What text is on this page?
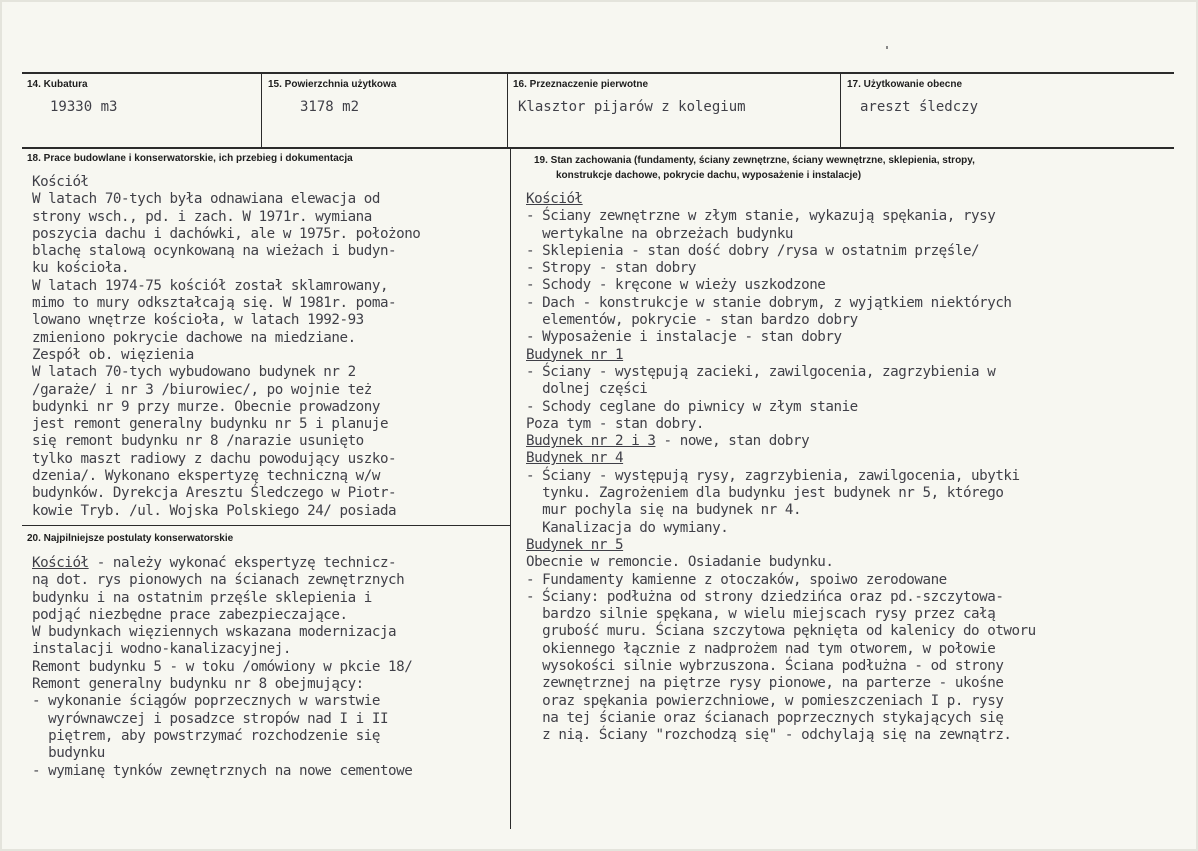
14. Kubatura
19330 m3
15. Powierzchnia użytkowa
3178 m2
16. Przeznaczenie pierwotne
Klasztor pijarów z kolegium
17. Użytkowanie obecne
areszt śledczy
18. Prace budowlane i konserwatorskie, ich przebieg i dokumentacja
Kościół
W latach 70-tych była odnawiana elewacja od
strony wsch., pd. i zach. W 1971r. wymiana
poszycia dachu i dachówki, ale w 1975r. położono
blachę stalową ocynkowaną na wieżach i budyn-
ku kościoła.
W latach 1974-75 kościół został sklamrowany,
mimo to mury odkształcają się. W 1981r. poma-
lowano wnętrze kościoła, w latach 1992-93
zmieniono pokrycie dachowe na miedziane.
Zespół ob. więzienia
W latach 70-tych wybudowano budynek nr 2
/garaże/ i nr 3 /biurowiec/, po wojnie też
budynki nr 9 przy murze. Obecnie prowadzony
jest remont generalny budynku nr 5 i planuje
się remont budynku nr 8 /narazie usunięto
tylko maszt radiowy z dachu powodujący uszko-
dzenia/. Wykonano ekspertyzę techniczną w/w
budynków. Dyrekcja Aresztu Śledczego w Piotr-
kowie Tryb. /ul. Wojska Polskiego 24/ posiada
19. Stan zachowania (fundamenty, ściany zewnętrzne, ściany wewnętrzne, sklepienia, stropy,
konstrukcje dachowe, pokrycie dachu, wyposażenie i instalacje)
Kościół
- Ściany zewnętrzne w złym stanie, wykazują spękania, rysy
wertykalne na obrzeżach budynku
- Sklepienia - stan dość dobry /rysa w ostatnim przęśle/
- Stropy - stan dobry
- Schody - kręcone w wieży uszkodzone
- Dach - konstrukcje w stanie dobrym, z wyjątkiem niektórych
elementów, pokrycie - stan bardzo dobry
- Wyposażenie i instalacje - stan dobry
Budynek nr 1
- Ściany - występują zacieki, zawilgocenia, zagrzybienia w
dolnej części
- Schody ceglane do piwnicy w złym stanie
Poza tym - stan dobry.
Budynek nr 2 i 3 - nowe, stan dobry
Budynek nr 4
- Ściany - występują rysy, zagrzybienia, zawilgocenia, ubytki
tynku. Zagrożeniem dla budynku jest budynek nr 5, którego
mur pochyla się na budynek nr 4.
Kanalizacja do wymiany.
Budynek nr 5
Obecnie w remoncie. Osiadanie budynku.
- Fundamenty kamienne z otoczaków, spoiwo zerodowane
- Ściany: podłużna od strony dziedzińca oraz pd.-szczytowa-
bardzo silnie spękana, w wielu miejscach rysy przez całą
grubość muru. Ściana szczytowa pęknięta od kalenicy do otworu
okiennego łącznie z nadprożem nad tym otworem, w połowie
wysokości silnie wybrzuszona. Ściana podłużna - od strony
zewnętrznej na piętrze rysy pionowe, na parterze - ukośne
oraz spękania powierzchniowe, w pomieszczeniach I p. rysy
na tej ścianie oraz ścianach poprzecznych stykających się
z nią. Ściany "rozchodzą się" - odchylają się na zewnątrz.
20. Najpilniejsze postulaty konserwatorskie
Kościół - należy wykonać ekspertyzę technicz-
ną dot. rys pionowych na ścianach zewnętrznych
budynku i na ostatnim przęśle sklepienia i
podjąć niezbędne prace zabezpieczające.
W budynkach więziennych wskazana modernizacja
instalacji wodno-kanalizacyjnej.
Remont budynku 5 - w toku /omówiony w pkcie 18/
Remont generalny budynku nr 8 obejmujący:
- wykonanie ściągów poprzecznych w warstwie
wyrównawczej i posadzce stropów nad I i II
piętrem, aby powstrzymać rozchodzenie się
budynku
- wymianę tynków zewnętrznych na nowe cementowe
